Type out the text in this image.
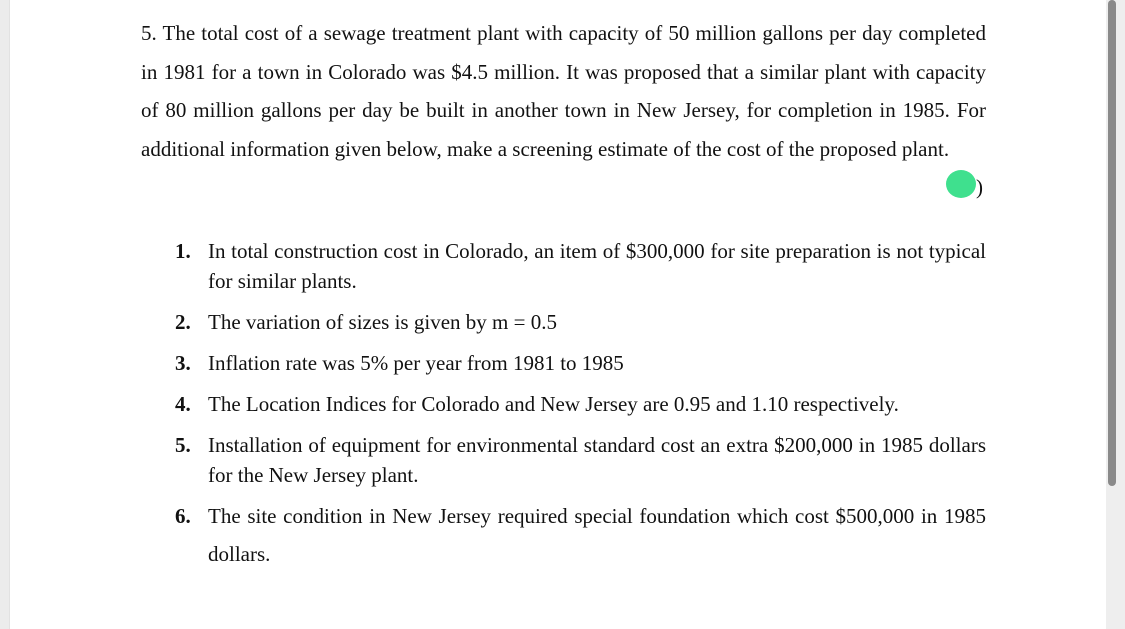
5. The total cost of a sewage treatment plant with capacity of 50 million gallons per day completed in 1981 for a town in Colorado was $4.5 million. It was proposed that a similar plant with capacity of 80 million gallons per day be built in another town in New Jersey, for completion in 1985. For additional information given below, make a screening estimate of the cost of the proposed plant.

)
1. In total construction cost in Colorado, an item of $300,000 for site preparation is not typical for similar plants.
2. The variation of sizes is given by m = 0.5
3. Inflation rate was 5% per year from 1981 to 1985
4. The Location Indices for Colorado and New Jersey are 0.95 and 1.10 respectively.
5. Installation of equipment for environmental standard cost an extra $200,000 in 1985 dollars for the New Jersey plant.
6. The site condition in New Jersey required special foundation which cost $500,000 in 1985 dollars.
